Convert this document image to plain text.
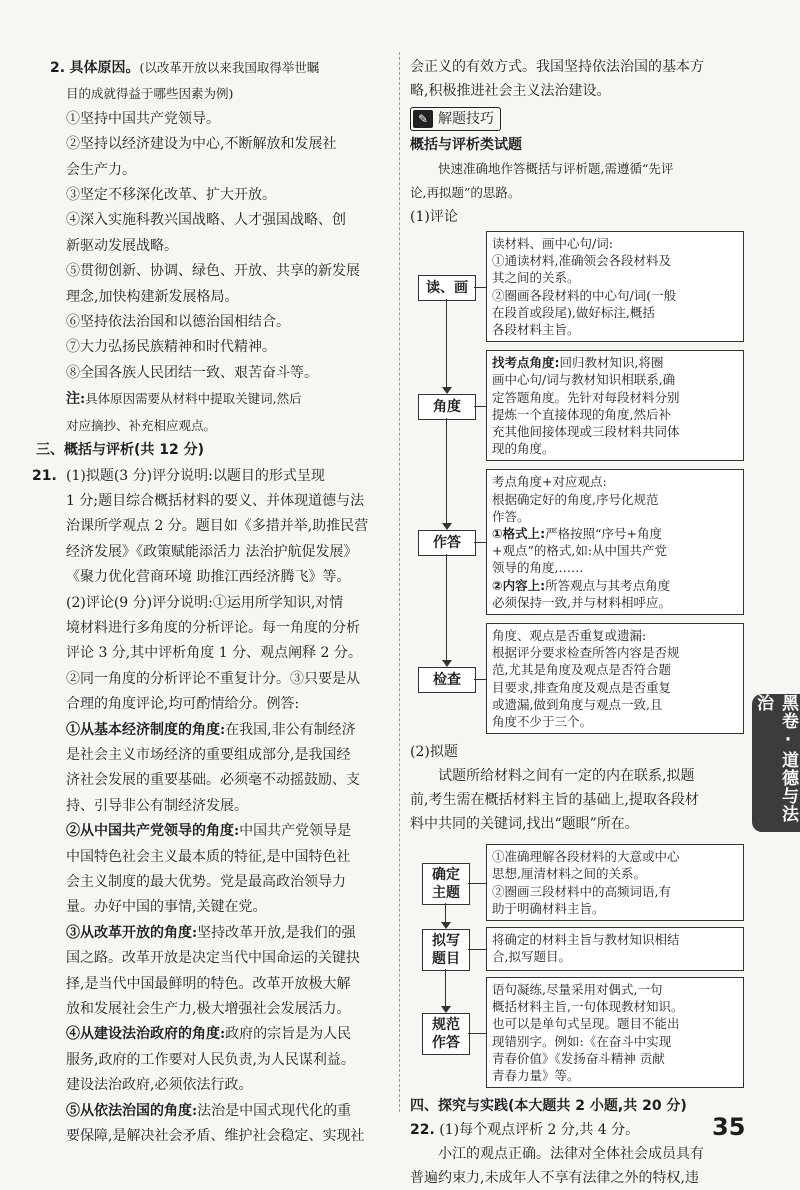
2. 具体原因。(以改革开放以来我国取得举世瞩

目的成就得益于哪些因素为例)

①坚持中国共产党领导。

②坚持以经济建设为中心,不断解放和发展社

会生产力。

③坚定不移深化改革、扩大开放。

④深入实施科教兴国战略、人才强国战略、创

新驱动发展战略。

⑤贯彻创新、协调、绿色、开放、共享的新发展

理念,加快构建新发展格局。

⑥坚持依法治国和以德治国相结合。

⑦大力弘扬民族精神和时代精神。

⑧全国各族人民团结一致、艰苦奋斗等。

注:具体原因需要从材料中提取关键词,然后

对应摘抄、补充相应观点。

三、概括与评析(共 12 分)

21. (1)拟题(3 分)评分说明:以题目的形式呈现

1 分;题目综合概括材料的要义、并体现道德与法

治课所学观点 2 分。题目如《多措并举,助推民营

经济发展》《政策赋能添活力 法治护航促发展》

《聚力优化营商环境 助推江西经济腾飞》等。

(2)评论(9 分)评分说明:①运用所学知识,对情

境材料进行多角度的分析评论。每一角度的分析

评论 3 分,其中评析角度 1 分、观点阐释 2 分。

②同一角度的分析评论不重复计分。③只要是从

合理的角度评论,均可酌情给分。例答:

①从基本经济制度的角度:在我国,非公有制经济

是社会主义市场经济的重要组成部分,是我国经

济社会发展的重要基础。必须毫不动摇鼓励、支

持、引导非公有制经济发展。

②从中国共产党领导的角度:中国共产党领导是

中国特色社会主义最本质的特征,是中国特色社

会主义制度的最大优势。党是最高政治领导力

量。办好中国的事情,关键在党。

③从改革开放的角度:坚持改革开放,是我们的强

国之路。改革开放是决定当代中国命运的关键抉

择,是当代中国最鲜明的特色。改革开放极大解

放和发展社会生产力,极大增强社会发展活力。

④从建设法治政府的角度:政府的宗旨是为人民

服务,政府的工作要对人民负责,为人民谋利益。

建设法治政府,必须依法行政。

⑤从依法治国的角度:法治是中国式现代化的重

要保障,是解决社会矛盾、维护社会稳定、实现社

会正义的有效方式。我国坚持依法治国的基本方

略,积极推进社会主义法治建设。

✎ 解题技巧

概括与评析类试题

快速准确地作答概括与评析题,需遵循“先评

论,再拟题”的思路。

(1)评论

读材料、画中心句/词:
①通读材料,准确领会各段材料及
其之间的关系。
②圈画各段材料的中心句/词(一般
在段首或段尾),做好标注,概括
各段材料主旨。
读、画
找考点角度:回归教材知识,将圈
画中心句/词与教材知识相联系,确
定答题角度。先针对每段材料分别
提炼一个直接体现的角度,然后补
充其他间接体现或三段材料共同体
现的角度。
角度
考点角度+对应观点:
根据确定好的角度,序号化规范
作答。
①格式上:严格按照“序号+角度
+观点”的格式,如:从中国共产党
领导的角度,……
②内容上:所答观点与其考点角度
必须保持一致,并与材料相呼应。
作答
角度、观点是否重复或遗漏:
根据评分要求检查所答内容是否规
范,尤其是角度及观点是否符合题
目要求,排查角度及观点是否重复
或遗漏,做到角度与观点一致,且
角度不少于三个。
检查

(2)拟题

试题所给材料之间有一定的内在联系,拟题

前,考生需在概括材料主旨的基础上,提取各段材

料中共同的关键词,找出“题眼”所在。

①准确理解各段材料的大意或中心
思想,厘清材料之间的关系。
②圈画三段材料中的高频词语,有
助于明确材料主旨。
确定
主题
将确定的材料主旨与教材知识相结
合,拟写题目。
拟写
题目
语句凝练,尽量采用对偶式,一句
概括材料主旨,一句体现教材知识。
也可以是单句式呈现。题目不能出
现错别字。例如:《在奋斗中实现
青春价值》《发扬奋斗精神 贡献
青春力量》等。
规范
作答

四、探究与实践(本大题共 2 小题,共 20 分)

22. (1)每个观点评析 2 分,共 4 分。

小江的观点正确。法律对全体社会成员具有

普遍约束力,未成年人不享有法律之外的特权,违

黑卷·道德与法治
35
